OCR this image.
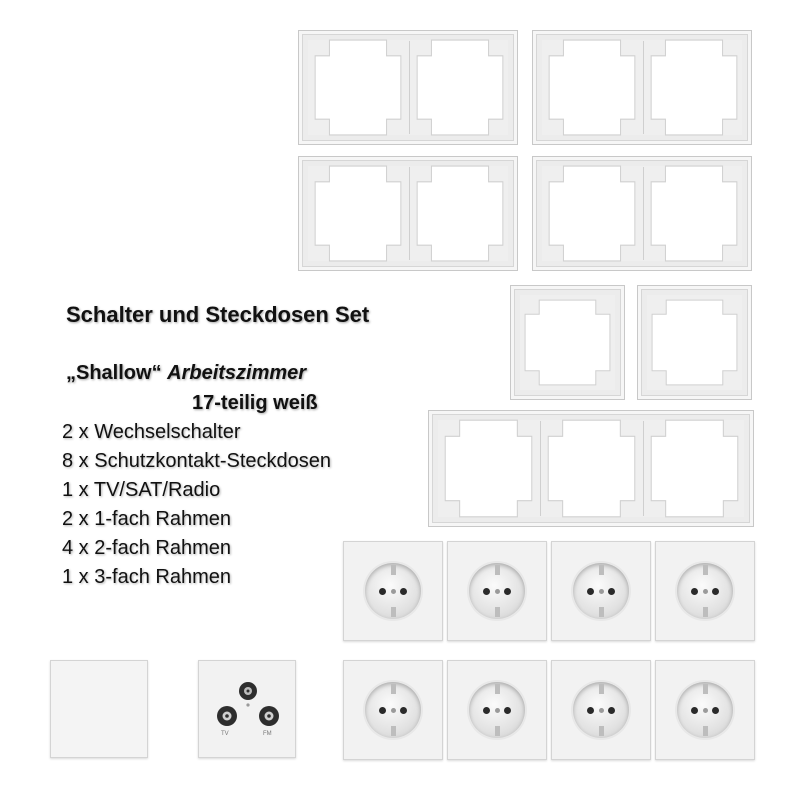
Schalter und Steckdosen Set
„Shallow“ Arbeitszimmer
17-teilig weiß
2 x Wechselschalter
8 x Schutzkontakt-Steckdosen
1 x TV/SAT/Radio
2 x 1-fach Rahmen
4 x 2-fach Rahmen
1 x 3-fach Rahmen
TV	FM
